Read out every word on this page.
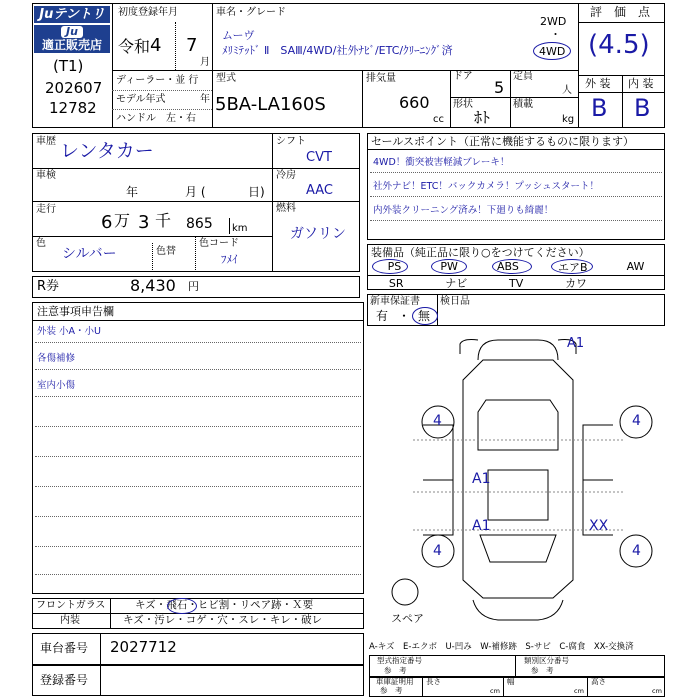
Juテントリ
Ju
適正販売店
(T1)
202607
12782
初度登録年月
令和 4 7
月
ディーラー・並 行
モデル年式	年
ハンドル　左・右
車名・グレード
ムーヴ
ﾒﾘﾐﾃｯﾄﾞ Ⅱ　SAⅢ/4WD/社外ﾅﾋﾞ/ETC/ｸﾘｰﾆﾝｸﾞ済
2WD
・
4WD
型式
5BA-LA160S
排気量
660
cc
ドア
5
定員
人
形状
ﾎﾄ
積載
kg
評　価　点
(4.5)
外 装 内 装
B B
車歴 レンタカー
車検
年	月 (	日)
走行
6 万 3 千 865 km
色
シルバー	色替
色コード
ﾌﾒｲ
シフト
CVT
冷房
AAC
燃料
ガソリン
セールスポイント（正常に機能するものに限ります）
4WD！衝突被害軽減ブレーキ！
社外ナビ！ETC！バックカメラ！プッシュスタート！
内外装クリーニング済み！下廻りも綺麗！
装備品（純正品に限り○をつけてください）
PS	PW	ABS	エアB	AW
SR	ナビ	TV	カワ
R券	8,430 円
新車保証書
有 ・ 無
検日品
注意事項申告欄
外装 小A・小U
各傷補修
室内小傷
A1
4	4
A1
A1	XX
4	4
スペア
フロントガラス	キズ・飛石・ヒビ割・リペア跡・Ｘ要
内装	キズ・汚レ・コゲ・穴・スレ・キレ・破レ
車台番号 2027712
登録番号
A-キズ　E-エクボ　U-凹み　W-補修跡　S-サビ　C-腐食　XX-交換済
型式指定番号
参　考
類別区分番号
参　考
車庫証明用
参　考
長さ
cm
幅
cm
高さ
cm
